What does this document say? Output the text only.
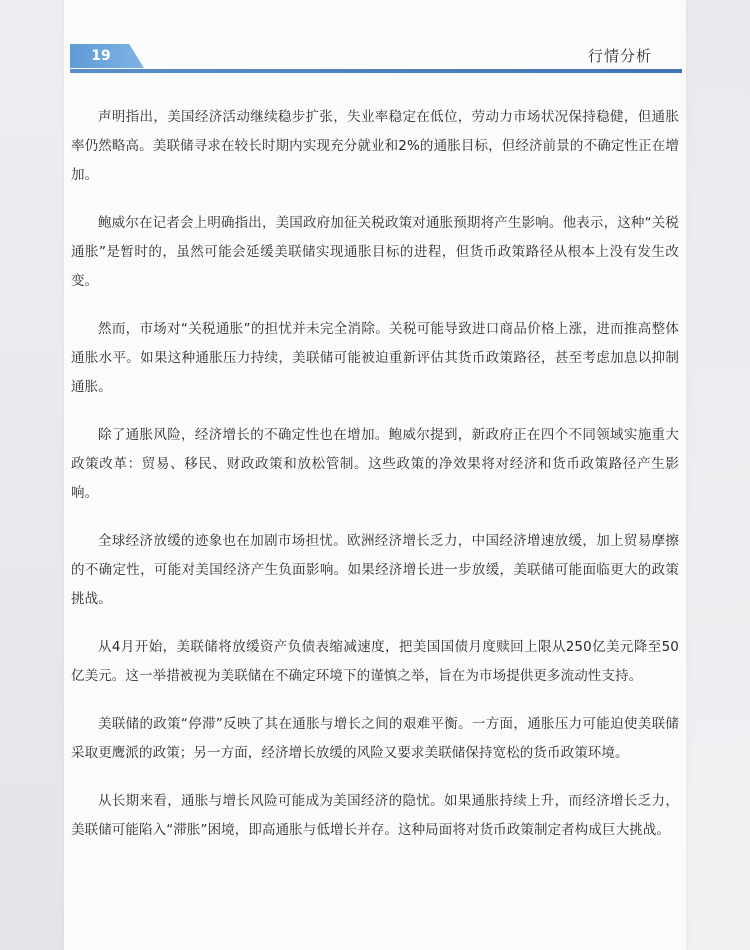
19	行情分析

声明指出，美国经济活动继续稳步扩张，失业率稳定在低位，劳动力市场状况保持稳健，但通胀率仍然略高。美联储寻求在较长时期内实现充分就业和2%的通胀目标，但经济前景的不确定性正在增加。

鲍威尔在记者会上明确指出，美国政府加征关税政策对通胀预期将产生影响。他表示，这种“关税通胀”是暂时的，虽然可能会延缓美联储实现通胀目标的进程，但货币政策路径从根本上没有发生改变。

然而，市场对“关税通胀”的担忧并未完全消除。关税可能导致进口商品价格上涨，进而推高整体通胀水平。如果这种通胀压力持续，美联储可能被迫重新评估其货币政策路径，甚至考虑加息以抑制通胀。

除了通胀风险，经济增长的不确定性也在增加。鲍威尔提到，新政府正在四个不同领域实施重大政策改革：贸易、移民、财政政策和放松管制。这些政策的净效果将对经济和货币政策路径产生影响。

全球经济放缓的迹象也在加剧市场担忧。欧洲经济增长乏力，中国经济增速放缓，加上贸易摩擦的不确定性，可能对美国经济产生负面影响。如果经济增长进一步放缓，美联储可能面临更大的政策挑战。

从4月开始，美联储将放缓资产负债表缩减速度，把美国国债月度赎回上限从250亿美元降至50亿美元。这一举措被视为美联储在不确定环境下的谨慎之举，旨在为市场提供更多流动性支持。

美联储的政策“停滞”反映了其在通胀与增长之间的艰难平衡。一方面，通胀压力可能迫使美联储采取更鹰派的政策；另一方面，经济增长放缓的风险又要求美联储保持宽松的货币政策环境。

从长期来看，通胀与增长风险可能成为美国经济的隐忧。如果通胀持续上升，而经济增长乏力，美联储可能陷入“滞胀”困境，即高通胀与低增长并存。这种局面将对货币政策制定者构成巨大挑战。
